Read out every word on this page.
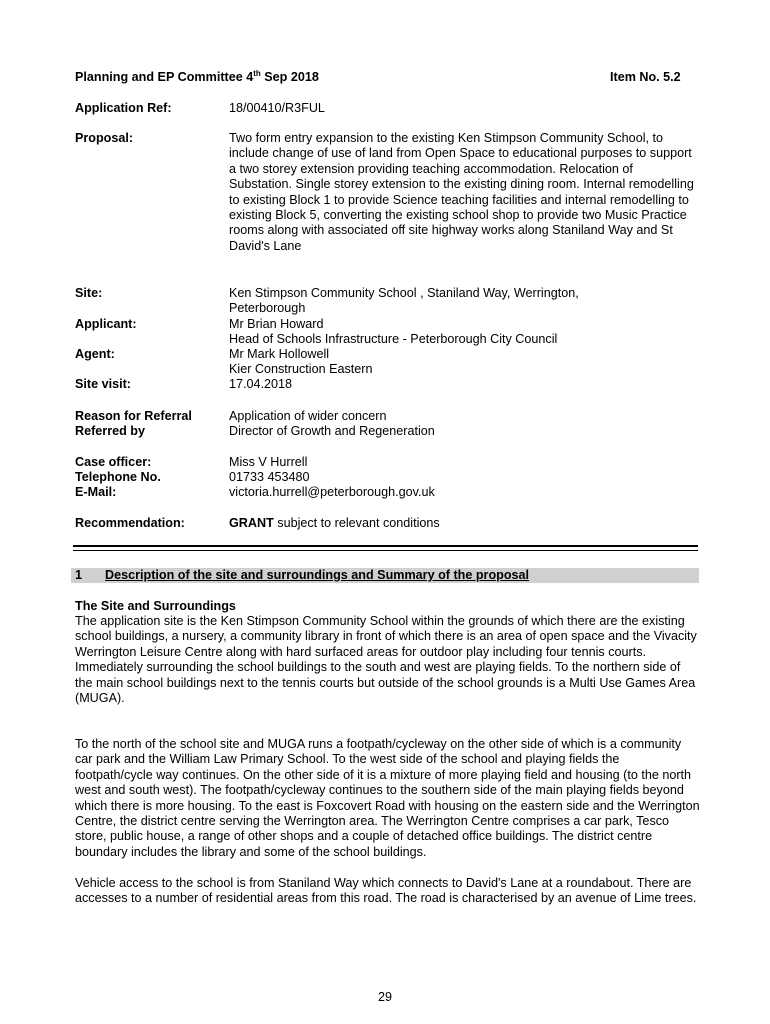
Planning and EP Committee 4th Sep 2018	Item No. 5.2
Application Ref:	18/00410/R3FUL
Proposal:	Two form entry expansion to the existing Ken Stimpson Community School, to include change of use of land from Open Space to educational purposes to support a two storey extension providing teaching accommodation. Relocation of Substation. Single storey extension to the existing dining room. Internal remodelling to existing Block 1 to provide Science teaching facilities and internal remodelling to existing Block 5, converting the existing school shop to provide two Music Practice rooms along with associated off site highway works along Staniland Way and St David's Lane
Site:	Ken Stimpson Community School , Staniland Way, Werrington, Peterborough
Applicant:	Mr Brian Howard
Head of Schools Infrastructure - Peterborough City Council
Agent:	Mr Mark Hollowell
Kier Construction Eastern
Site visit:	17.04.2018
Reason for Referral	Application of wider concern
Referred by	Director of Growth and Regeneration
Case officer:	Miss V Hurrell
Telephone No.	01733 453480
E-Mail:	victoria.hurrell@peterborough.gov.uk
Recommendation:	GRANT subject to relevant conditions
1 Description of the site and surroundings and Summary of the proposal
The Site and Surroundings
The application site is the Ken Stimpson Community School within the grounds of which there are the existing school buildings, a nursery, a community library in front of which there is an area of open space and the Vivacity Werrington Leisure Centre along with hard surfaced areas for outdoor play including four tennis courts. Immediately surrounding the school buildings to the south and west are playing fields. To the northern side of the main school buildings next to the tennis courts but outside of the school grounds is a Multi Use Games Area (MUGA).
To the north of the school site and MUGA runs a footpath/cycleway on the other side of which is a community car park and the William Law Primary School. To the west side of the school and playing fields the footpath/cycle way continues. On the other side of it is a mixture of more playing field and housing (to the north west and south west). The footpath/cycleway continues to the southern side of the main playing fields beyond which there is more housing. To the east is Foxcovert Road with housing on the eastern side and the Werrington Centre, the district centre serving the Werrington area. The Werrington Centre comprises a car park, Tesco store, public house, a range of other shops and a couple of detached office buildings. The district centre boundary includes the library and some of the school buildings.
Vehicle access to the school is from Staniland Way which connects to David's Lane at a roundabout. There are accesses to a number of residential areas from this road. The road is characterised by an avenue of Lime trees.
29
